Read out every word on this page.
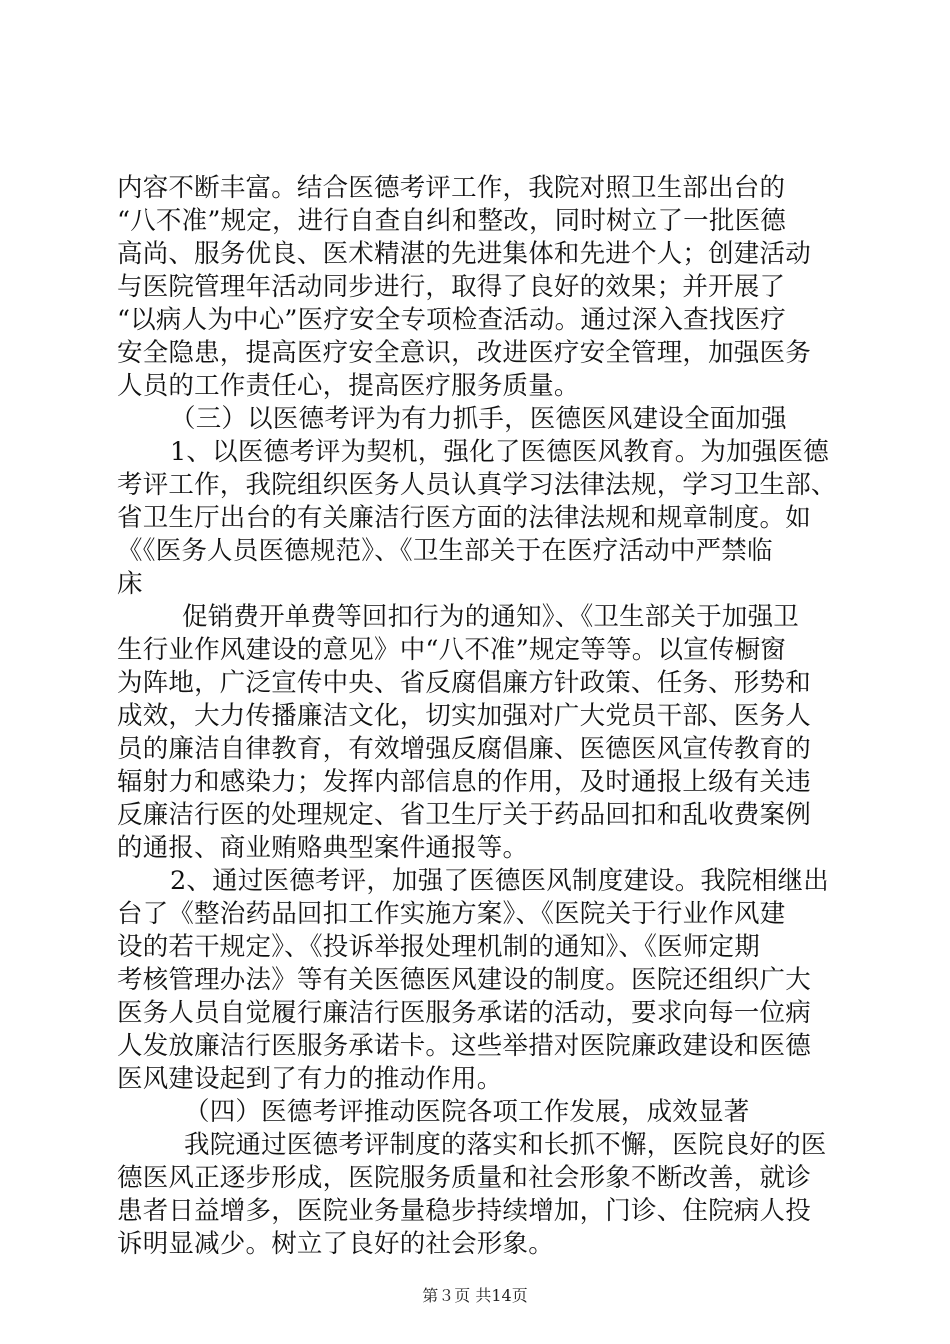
内容不断丰富。结合医德考评工作，我院对照卫生部出台的
“八不准”规定，进行自查自纠和整改，同时树立了一批医德
高尚、服务优良、医术精湛的先进集体和先进个人；创建活动
与医院管理年活动同步进行，取得了良好的效果；并开展了
“以病人为中心”医疗安全专项检查活动。通过深入查找医疗
安全隐患，提高医疗安全意识，改进医疗安全管理，加强医务
人员的工作责任心，提高医疗服务质量。
（三）以医德考评为有力抓手，医德医风建设全面加强
1、以医德考评为契机，强化了医德医风教育。为加强医德
考评工作，我院组织医务人员认真学习法律法规，学习卫生部、
省卫生厅出台的有关廉洁行医方面的法律法规和规章制度。如
《《医务人员医德规范》、《卫生部关于在医疗活动中严禁临
床
促销费开单费等回扣行为的通知》、《卫生部关于加强卫
生行业作风建设的意见》中“八不准”规定等等。以宣传橱窗
为阵地，广泛宣传中央、省反腐倡廉方针政策、任务、形势和
成效，大力传播廉洁文化，切实加强对广大党员干部、医务人
员的廉洁自律教育，有效增强反腐倡廉、医德医风宣传教育的
辐射力和感染力；发挥内部信息的作用，及时通报上级有关违
反廉洁行医的处理规定、省卫生厅关于药品回扣和乱收费案例
的通报、商业贿赂典型案件通报等。
2、通过医德考评，加强了医德医风制度建设。我院相继出
台了《整治药品回扣工作实施方案》、《医院关于行业作风建
设的若干规定》、《投诉举报处理机制的通知》、《医师定期
考核管理办法》等有关医德医风建设的制度。医院还组织广大
医务人员自觉履行廉洁行医服务承诺的活动，要求向每一位病
人发放廉洁行医服务承诺卡。这些举措对医院廉政建设和医德
医风建设起到了有力的推动作用。
（四）医德考评推动医院各项工作发展，成效显著
我院通过医德考评制度的落实和长抓不懈，医院良好的医
德医风正逐步形成，医院服务质量和社会形象不断改善，就诊
患者日益增多，医院业务量稳步持续增加，门诊、住院病人投
诉明显减少。树立了良好的社会形象。
第３页 共14页
